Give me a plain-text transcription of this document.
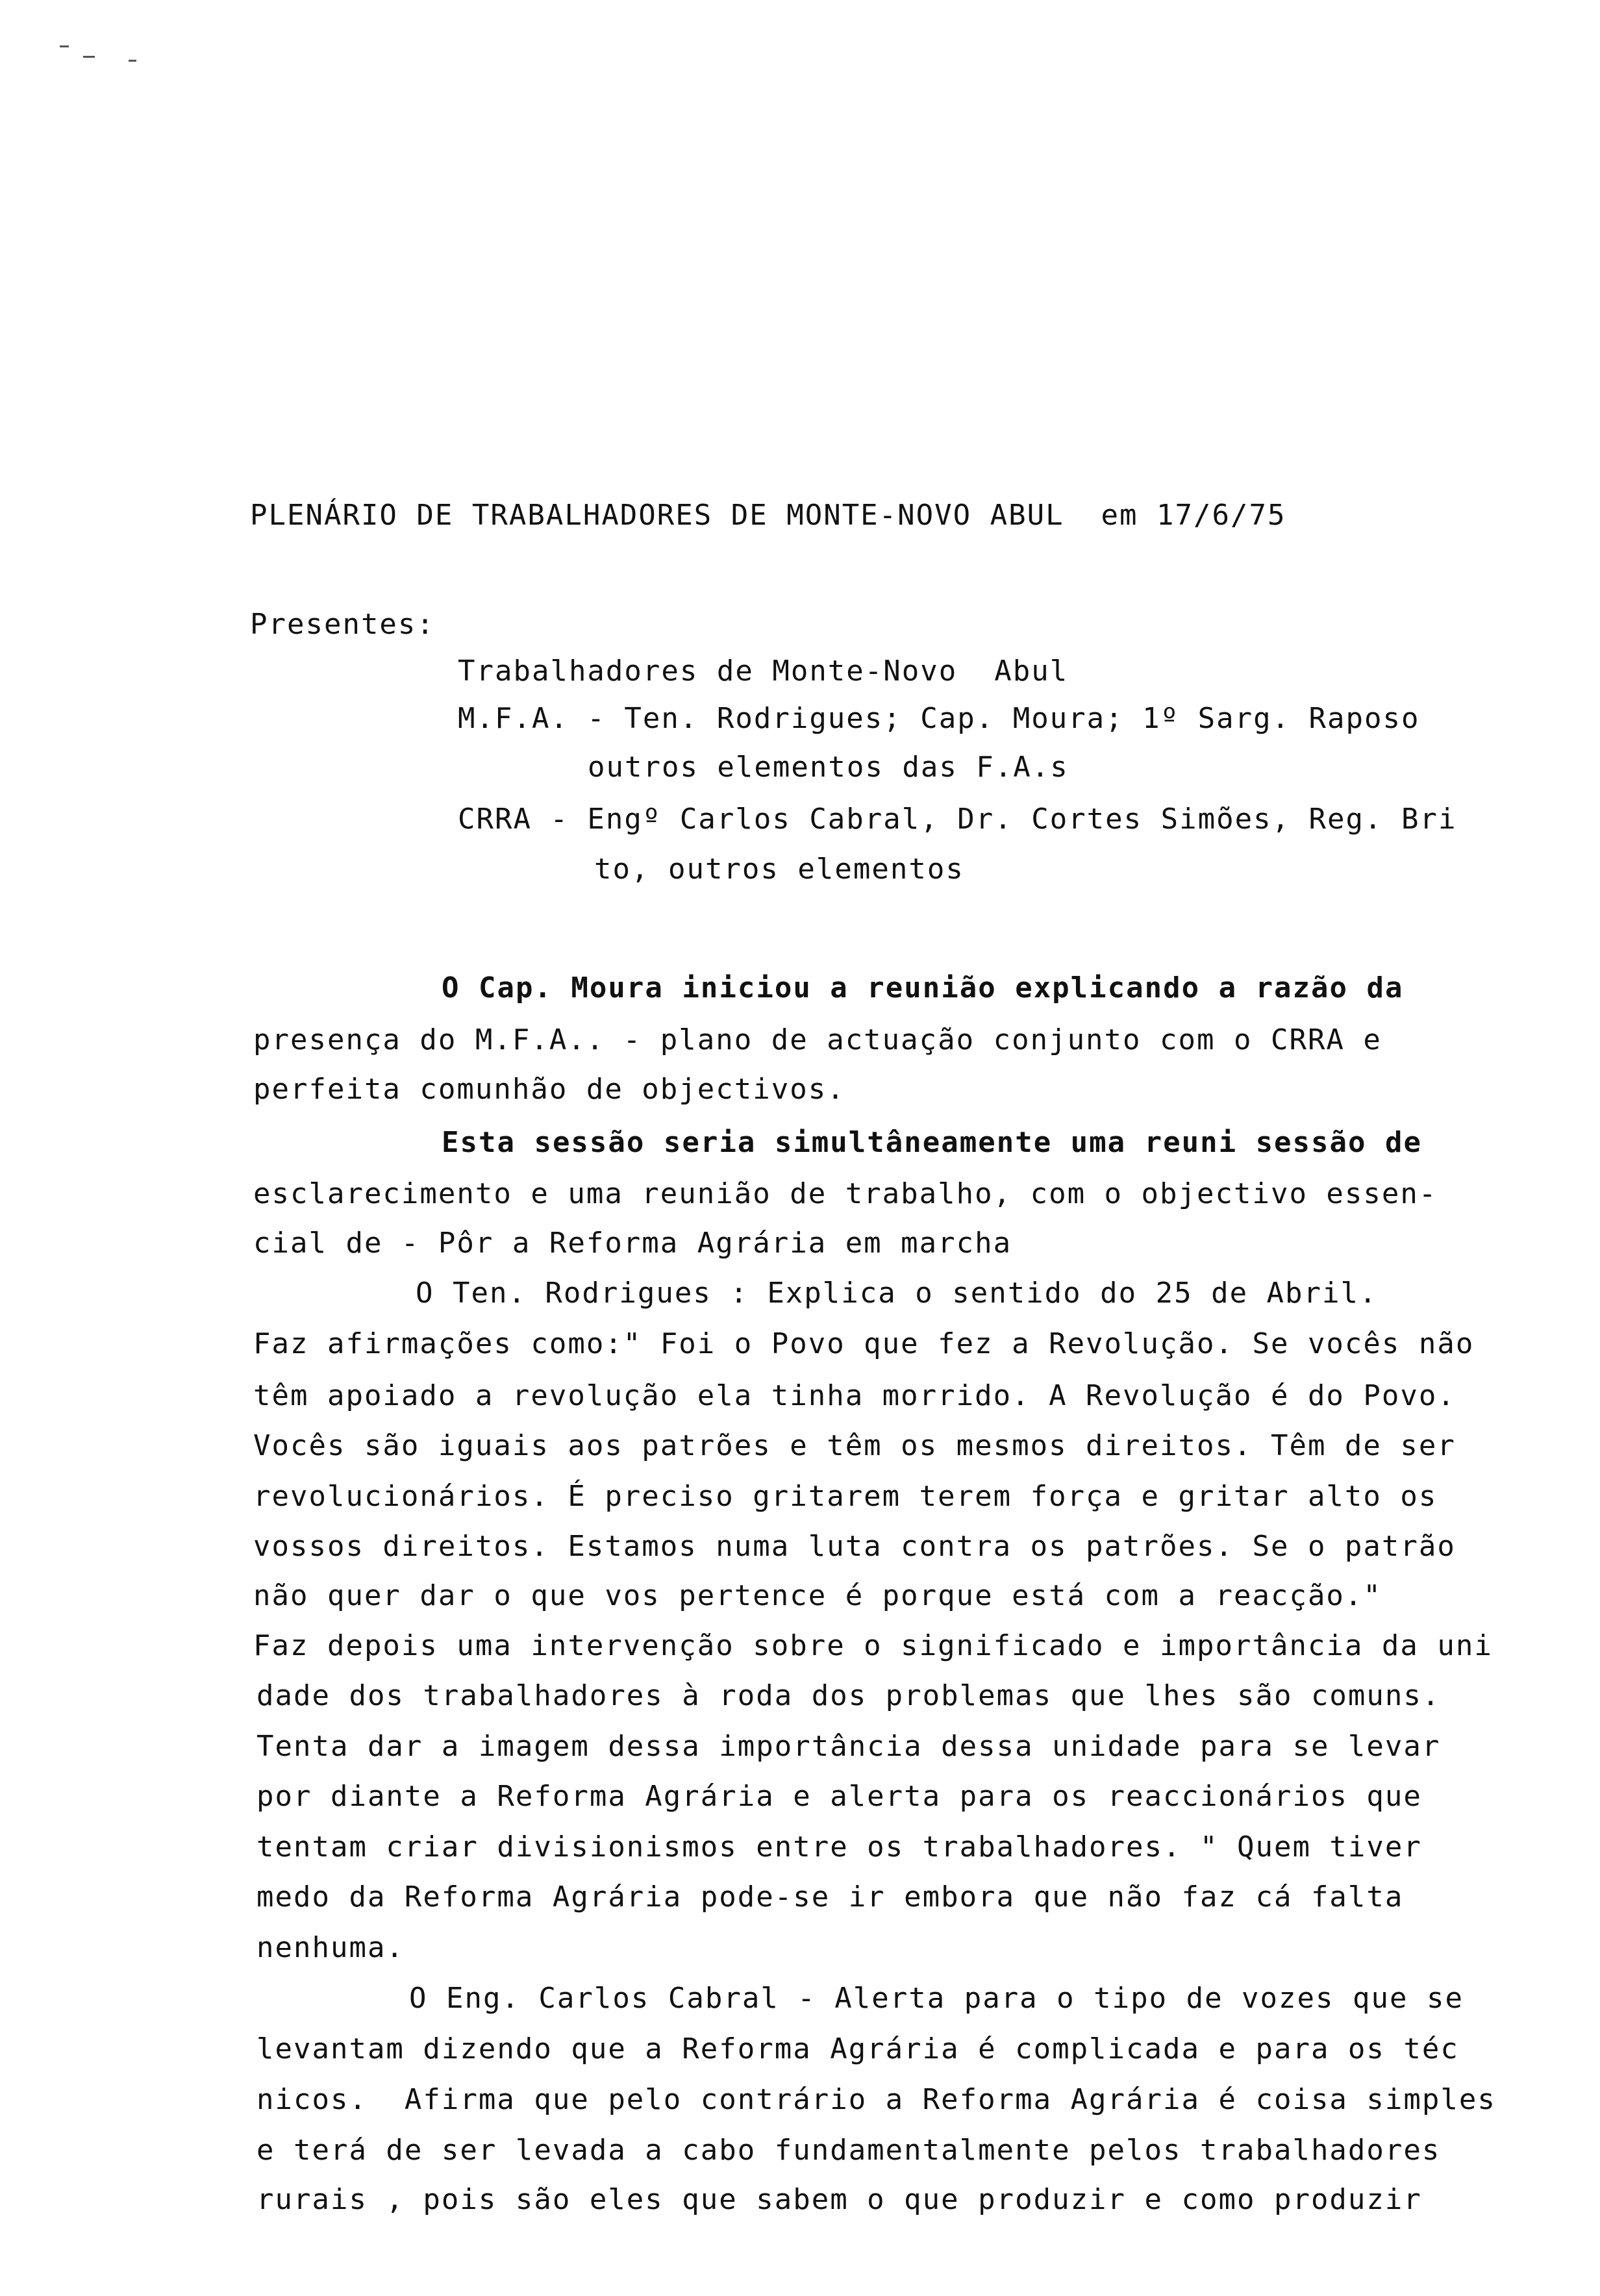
PLENÁRIO DE TRABALHADORES DE MONTE-NOVO ABUL  em 17/6/75
Presentes:
Trabalhadores de Monte-Novo  Abul
M.F.A. - Ten. Rodrigues; Cap. Moura; 1º Sarg. Raposo
outros elementos das F.A.s
CRRA - Engº Carlos Cabral, Dr. Cortes Simões, Reg. Bri
to, outros elementos
O Cap. Moura iniciou a reunião explicando a razão da
presença do M.F.A.. - plano de actuação conjunto com o CRRA e
perfeita comunhão de objectivos.
Esta sessão seria simultâneamente uma reuni sessão de
esclarecimento e uma reunião de trabalho, com o objectivo essen-
cial de - Pôr a Reforma Agrária em marcha
O Ten. Rodrigues : Explica o sentido do 25 de Abril.
Faz afirmações como:" Foi o Povo que fez a Revolução. Se vocês não
têm apoiado a revolução ela tinha morrido. A Revolução é do Povo.
Vocês são iguais aos patrões e têm os mesmos direitos. Têm de ser
revolucionários. É preciso gritarem terem força e gritar alto os
vossos direitos. Estamos numa luta contra os patrões. Se o patrão
não quer dar o que vos pertence é porque está com a reacção."
Faz depois uma intervenção sobre o significado e importância da uni
dade dos trabalhadores à roda dos problemas que lhes são comuns.
Tenta dar a imagem dessa importância dessa unidade para se levar
por diante a Reforma Agrária e alerta para os reaccionários que
tentam criar divisionismos entre os trabalhadores. " Quem tiver
medo da Reforma Agrária pode-se ir embora que não faz cá falta
nenhuma.
O Eng. Carlos Cabral - Alerta para o tipo de vozes que se
levantam dizendo que a Reforma Agrária é complicada e para os téc
nicos.  Afirma que pelo contrário a Reforma Agrária é coisa simples
e terá de ser levada a cabo fundamentalmente pelos trabalhadores
rurais , pois são eles que sabem o que produzir e como produzir
